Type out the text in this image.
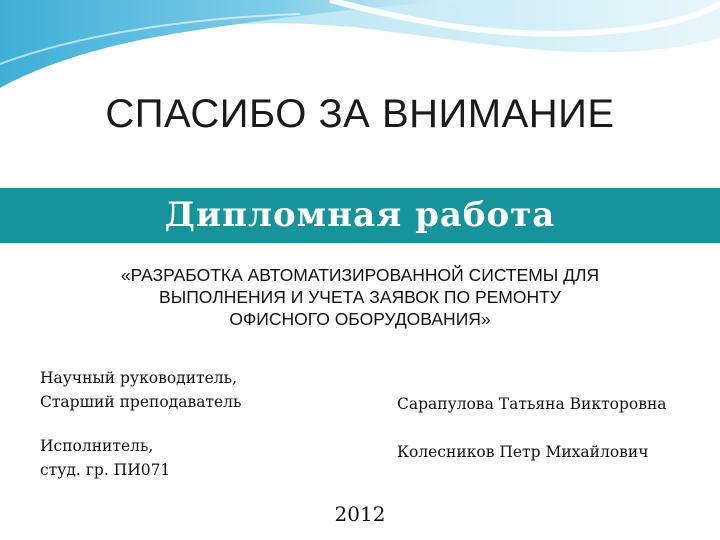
СПАСИБО ЗА ВНИМАНИЕ
Дипломная работа
«РАЗРАБОТКА АВТОМАТИЗИРОВАННОЙ СИСТЕМЫ ДЛЯ
ВЫПОЛНЕНИЯ И УЧЕТА ЗАЯВОК ПО РЕМОНТУ
ОФИСНОГО ОБОРУДОВАНИЯ»
Научный руководитель,
Старший преподаватель	Сарапулова Татьяна Викторовна
Исполнитель,
студ. гр. ПИ071
Колесников Петр Михайлович
2012
